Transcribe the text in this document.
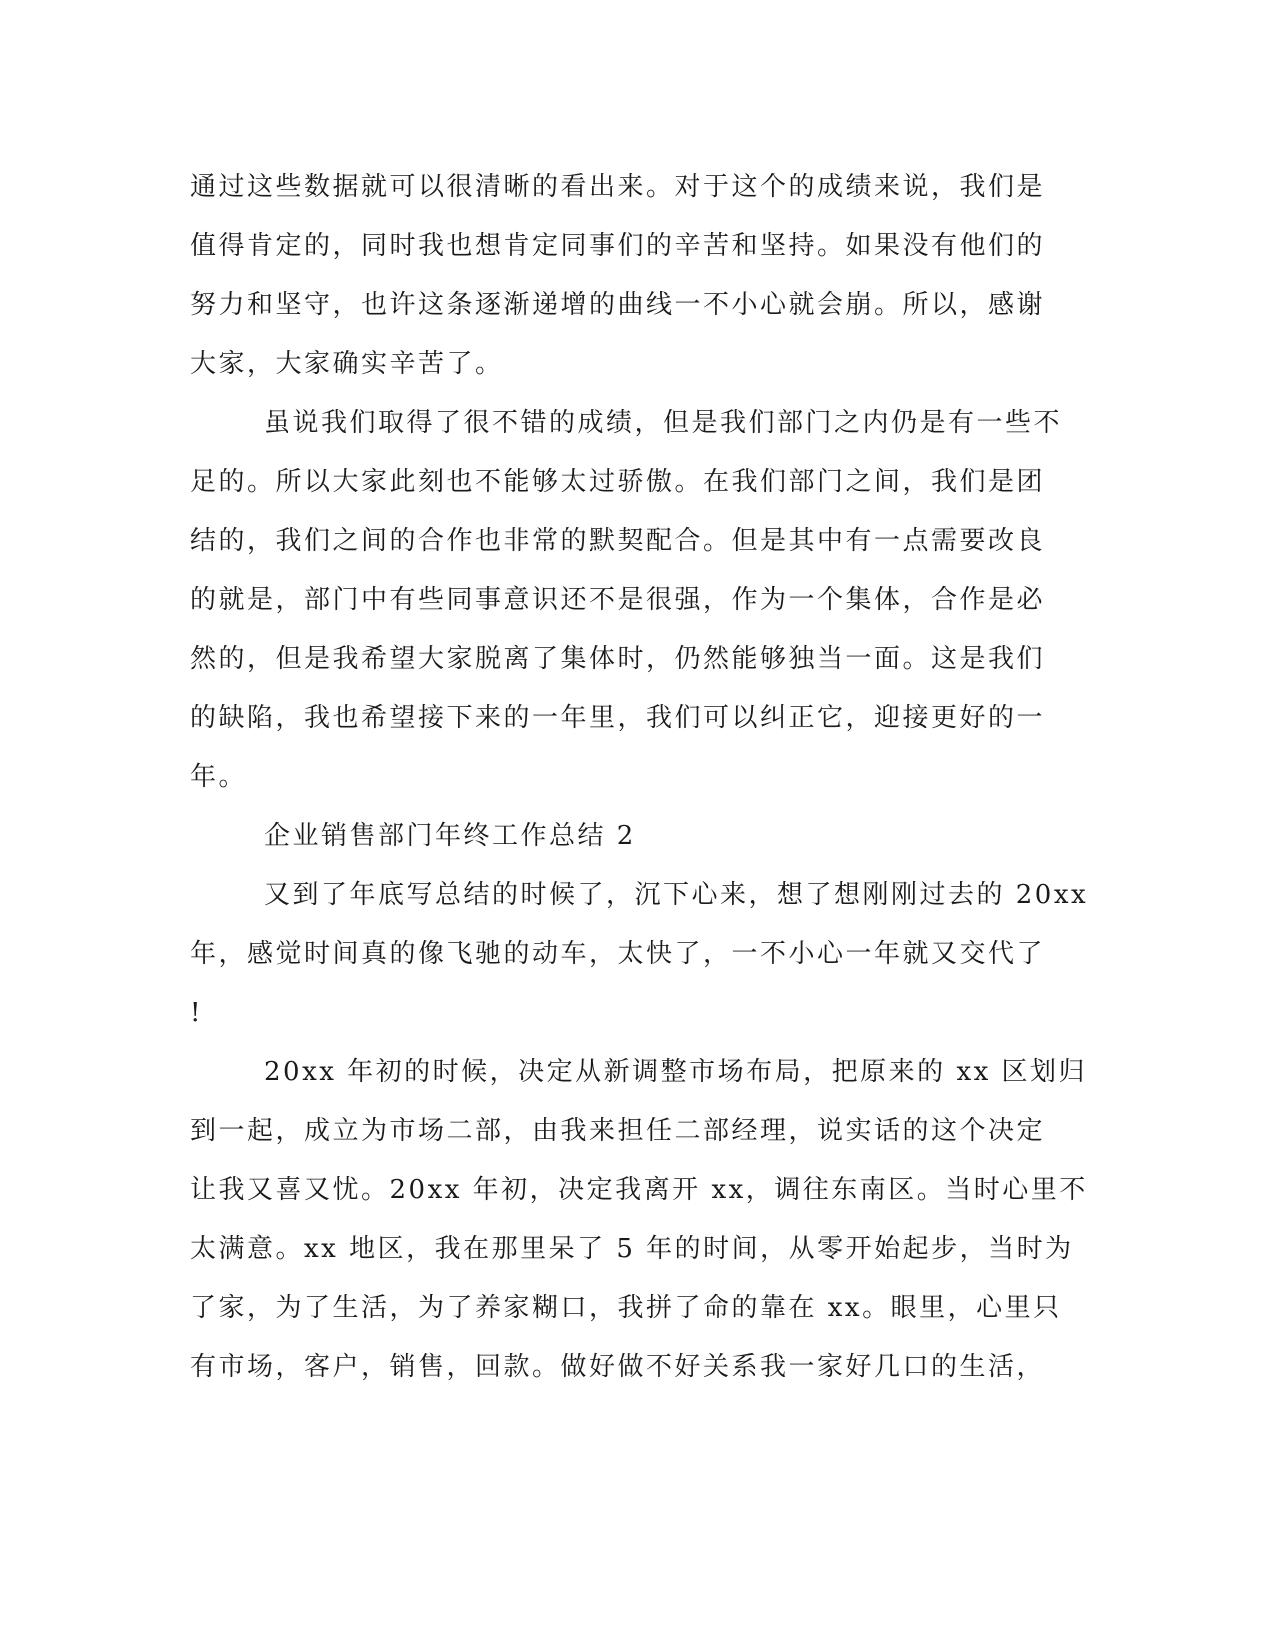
通过这些数据就可以很清晰的看出来。对于这个的成绩来说，我们是
值得肯定的，同时我也想肯定同事们的辛苦和坚持。如果没有他们的
努力和坚守，也许这条逐渐递增的曲线一不小心就会崩。所以，感谢
大家，大家确实辛苦了。
虽说我们取得了很不错的成绩，但是我们部门之内仍是有一些不
足的。所以大家此刻也不能够太过骄傲。在我们部门之间，我们是团
结的，我们之间的合作也非常的默契配合。但是其中有一点需要改良
的就是，部门中有些同事意识还不是很强，作为一个集体，合作是必
然的，但是我希望大家脱离了集体时，仍然能够独当一面。这是我们
的缺陷，我也希望接下来的一年里，我们可以纠正它，迎接更好的一
年。
企业销售部门年终工作总结 2
又到了年底写总结的时候了，沉下心来，想了想刚刚过去的 20xx
年，感觉时间真的像飞驰的动车，太快了，一不小心一年就又交代了
!
20xx 年初的时候，决定从新调整市场布局，把原来的 xx 区划归
到一起，成立为市场二部，由我来担任二部经理，说实话的这个决定
让我又喜又忧。20xx 年初，决定我离开 xx，调往东南区。当时心里不
太满意。xx 地区，我在那里呆了 5 年的时间，从零开始起步，当时为
了家，为了生活，为了养家糊口，我拼了命的靠在 xx。眼里，心里只
有市场，客户，销售，回款。做好做不好关系我一家好几口的生活，
